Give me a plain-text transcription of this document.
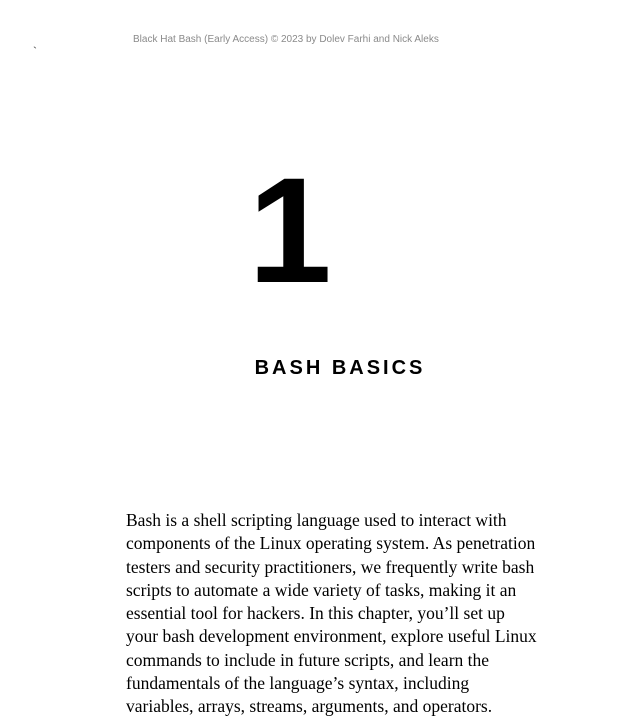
`
Black Hat Bash (Early Access) © 2023 by Dolev Farhi and Nick Aleks
1
BASH BASICS
Bash is a shell scripting language used to interact with
components of the Linux operating system. As penetration
testers and security practitioners, we frequently write bash
scripts to automate a wide variety of tasks, making it an
essential tool for hackers. In this chapter, you’ll set up
your bash development environment, explore useful Linux
commands to include in future scripts, and learn the
fundamentals of the language’s syntax, including
variables, arrays, streams, arguments, and operators.
